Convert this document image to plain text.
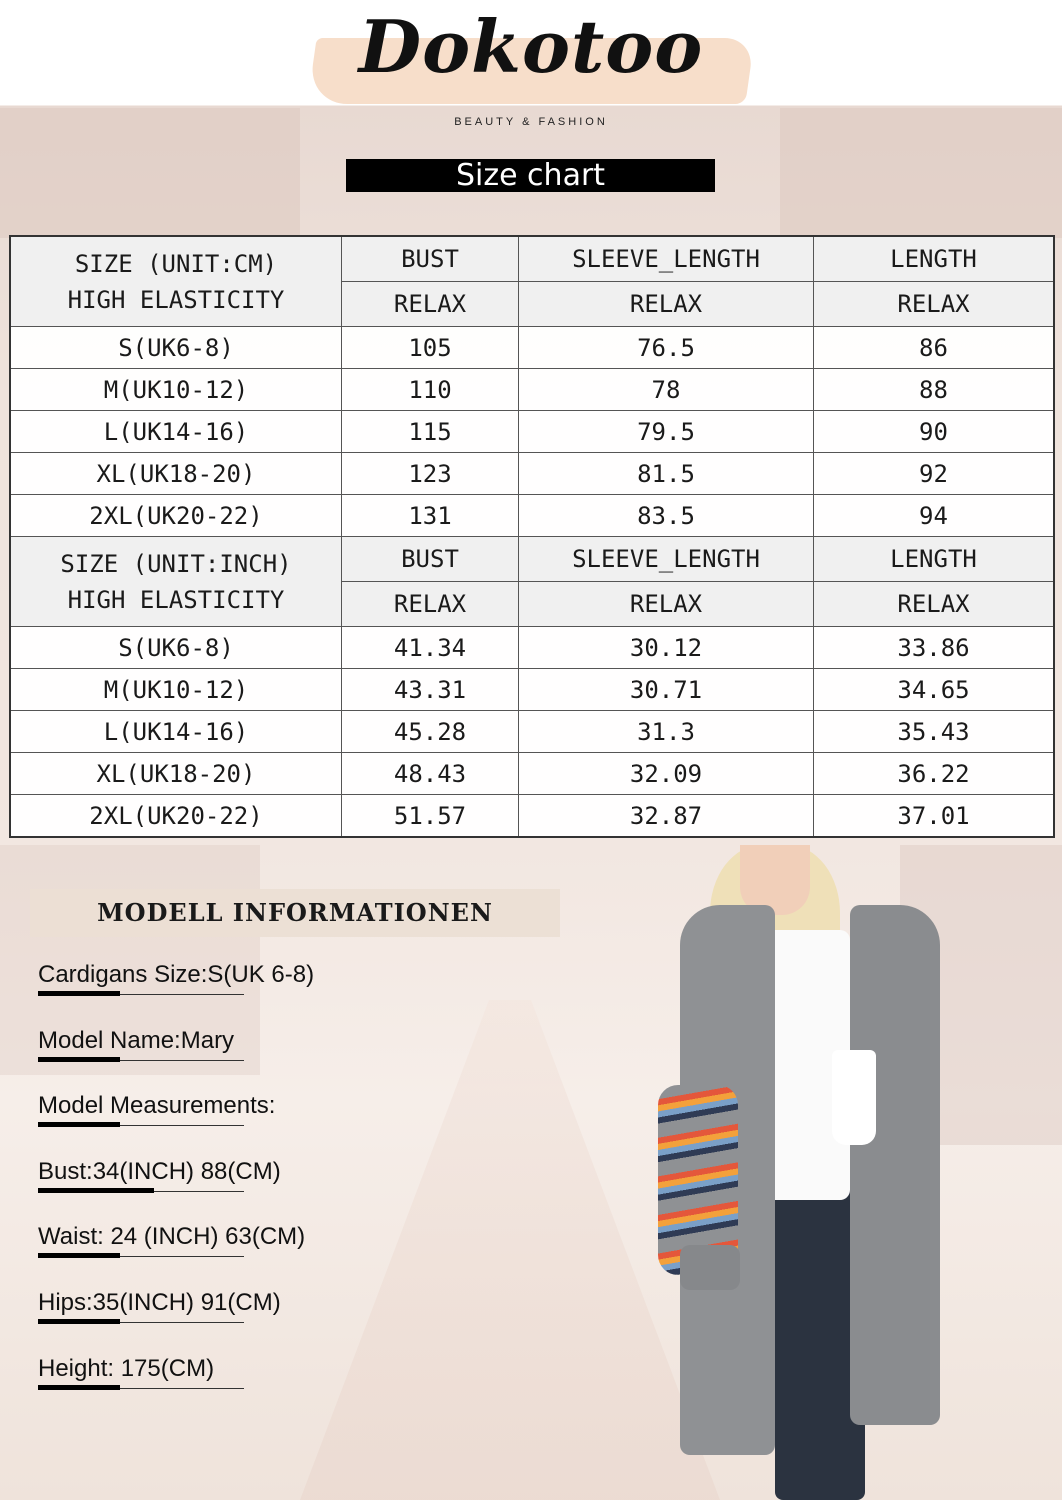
Dokotoo
BEAUTY & FASHION
Size chart
SIZE (UNIT:CM)
HIGH ELASTICITY	BUST	SLEEVE_LENGTH	LENGTH
	RELAX	RELAX	RELAX
S(UK6-8)	105	76.5	86
M(UK10-12)	110	78	88
L(UK14-16)	115	79.5	90
XL(UK18-20)	123	81.5	92
2XL(UK20-22)	131	83.5	94

SIZE (UNIT:INCH)
HIGH ELASTICITY	BUST	SLEEVE_LENGTH	LENGTH
	RELAX	RELAX	RELAX
S(UK6-8)	41.34	30.12	33.86
M(UK10-12)	43.31	30.71	34.65
L(UK14-16)	45.28	31.3	35.43
XL(UK18-20)	48.43	32.09	36.22
2XL(UK20-22)	51.57	32.87	37.01
MODELL INFORMATIONEN
Cardigans Size:S(UK 6-8)
Model Name:Mary
Model Measurements:
Bust:34(INCH) 88(CM)
Waist: 24 (INCH) 63(CM)
Hips:35(INCH) 91(CM)
Height: 175(CM)
